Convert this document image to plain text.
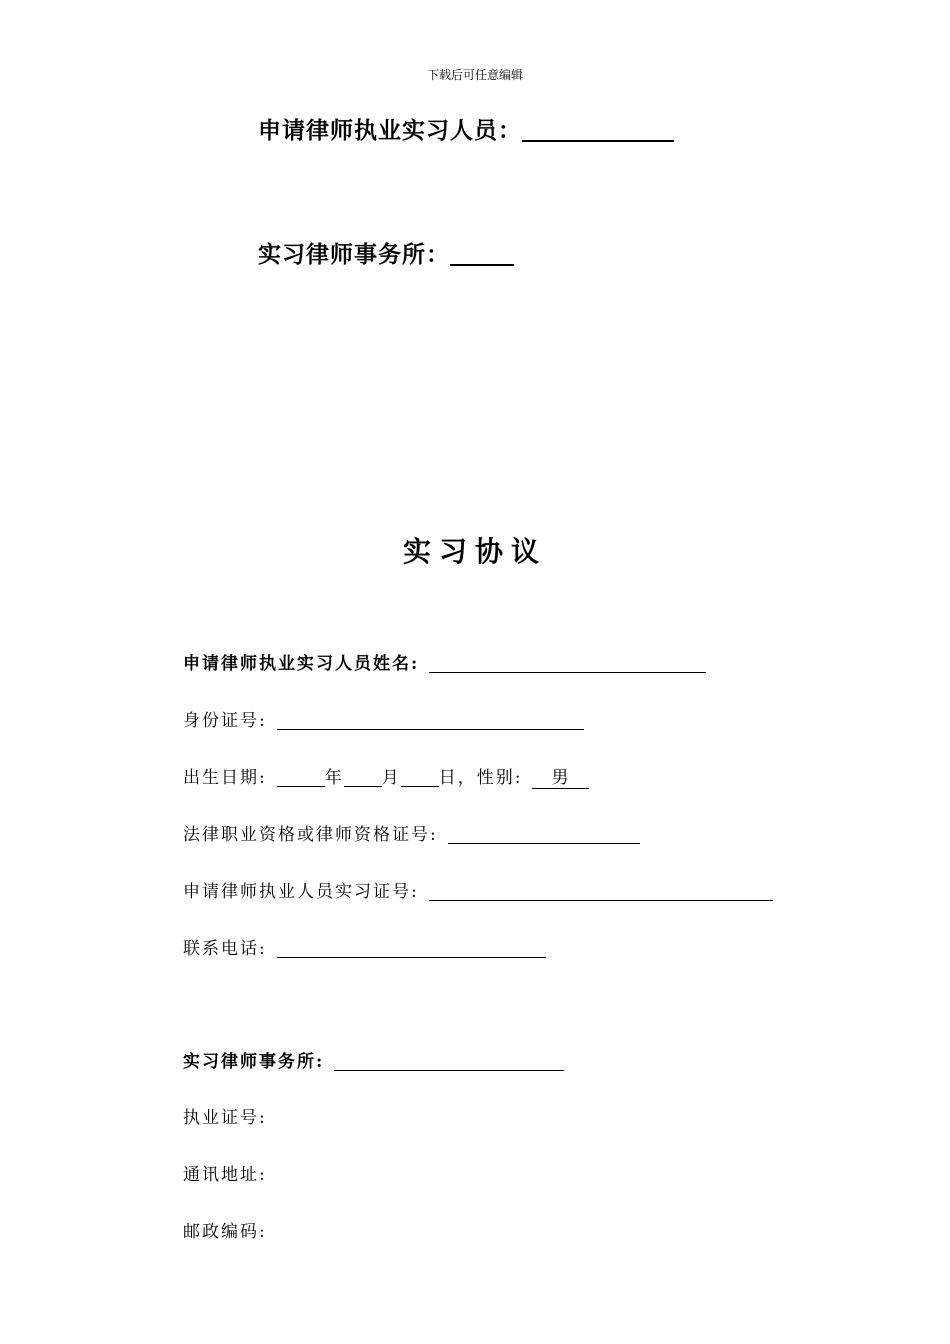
下载后可任意编辑
申请律师执业实习人员：
实习律师事务所：
实习协议
申请律师执业实习人员姓名:
身份证号:
出生日期:	年 月 日， 性别:	男
法律职业资格或律师资格证号:
申请律师执业人员实习证号:
联系电话:
实习律师事务所:
执业证号:
通讯地址:
邮政编码:
